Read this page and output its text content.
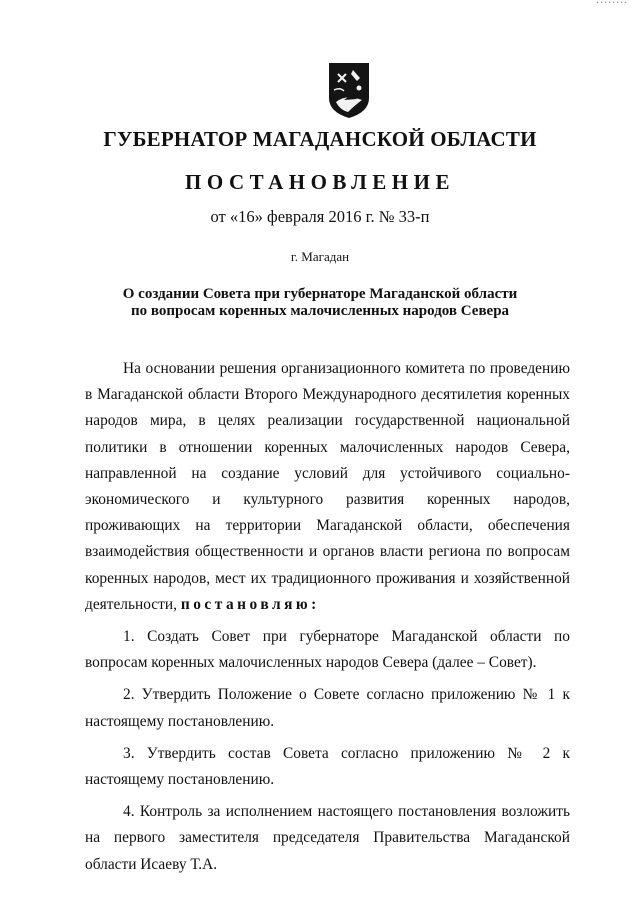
▪▪▪▪▪▪▪▪
ГУБЕРНАТОР МАГАДАНСКОЙ ОБЛАСТИ
ПОСТАНОВЛЕНИЕ
от «16» февраля 2016 г. № 33-п
г. Магадан
О создании Совета при губернаторе Магаданской области
по вопросам коренных малочисленных народов Севера

На основании решения организационного комитета по проведению в Магаданской области Второго Международного десятилетия коренных народов мира, в целях реализации государственной национальной политики в отношении коренных малочисленных народов Севера, направленной на создание условий для устойчивого социально-экономического и культурного развития коренных народов, проживающих на территории Магаданской области, обеспечения взаимодействия общественности и органов власти региона по вопросам коренных народов, мест их традиционного проживания и хозяйственной деятельности, постановляю:

1. Создать Совет при губернаторе Магаданской области по вопросам коренных малочисленных народов Севера (далее – Совет).

2. Утвердить Положение о Совете согласно приложению № 1 к настоящему постановлению.

3. Утвердить состав Совета согласно приложению № 2 к настоящему постановлению.

4. Контроль за исполнением настоящего постановления возложить на первого заместителя председателя Правительства Магаданской области Исаеву Т.А.
